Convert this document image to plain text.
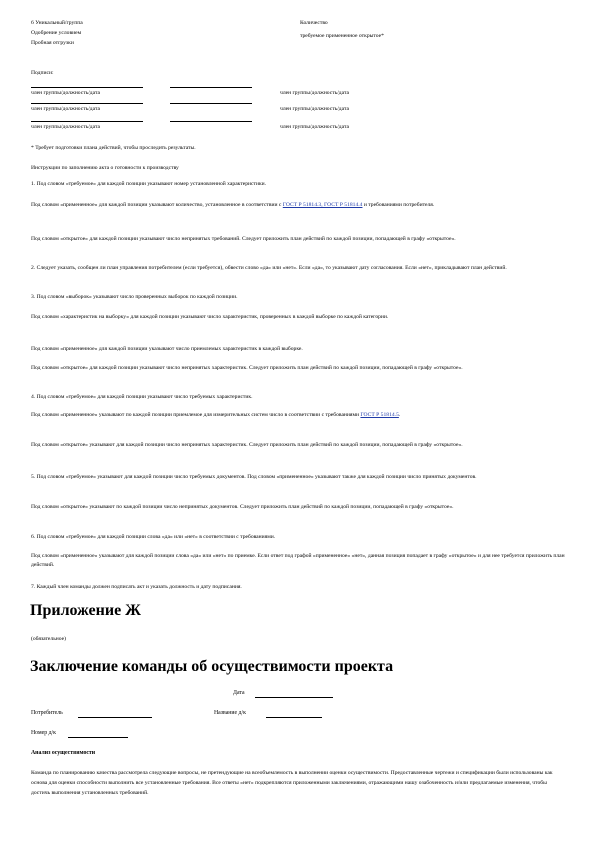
6 Уникальный/группа
Одобрение условием
Пробная отгрузки
Количество
требуемое примененное открытое*
Подписи:
член группы/должность/дата	член группы/должность/дата
член группы/должность/дата	член группы/должность/дата
член группы/должность/дата	член группы/должность/дата
* Требует подготовки плана действий, чтобы проследить результаты.
Инструкции по заполнению акта о готовности к производству
1. Под словом «требуемое» для каждой позиции указывают номер установленной характеристики.
Под словом «примененное» для каждой позиции указывают количество, установленное в соответствии с ГОСТ Р 51814.3, ГОСТ Р 51814.4 и требованиями потребителя.
Под словом «открытое» для каждой позиции указывают число непринятых требований. Следует приложить план действий по каждой позиции, попадающей в графу «открытое».
2. Следует указать, сообщен ли план управления потребителем (если требуется), обвести слово «да» или «нет». Если «да», то указывают дату согласования. Если «нет», прикладывают план действий.
3. Под словом «выборок» указывают число проверенных выборок по каждой позиции.
Под словом «характеристик на выборку» для каждой позиции указывают число характеристик, проверенных в каждой выборке по каждой категории.
Под словом «примененное» для каждой позиции указывают число приемлемых характеристик в каждой выборке.
Под словом «открытое» для каждой позиции указывают число непринятых характеристик. Следует приложить план действий по каждой позиции, попадающей в графу «открытое».
4. Под словом «требуемое» для каждой позиции указывают число требуемых характеристик.
Под словом «примененное» указывают по каждой позиции приемлемое для измерительных систем число в соответствии с требованиями ГОСТ Р 51814.5.
Под словом «открытое» указывают для каждой позиции число непринятых характеристик. Следует приложить план действий по каждой позиции, попадающей в графу «открытое».
5. Под словом «требуемое» указывают для каждой позиции число требуемых документов. Под словом «примененное» указывают также для каждой позиции число принятых документов.
Под словом «открытое» указывают по каждой позиции число непринятых документов. Следует приложить план действий по каждой позиции, попадающей в графу «открытое».
6. Под словом «требуемое» для каждой позиции слова «да» или «нет» в соответствии с требованиями.
Под словом «примененное» указывают для каждой позиции слова «да» или «нет» по приемке. Если ответ под графой «примененное» «нет», данная позиция попадает в графу «открытое» и для нее требуется приложить план действий.
7. Каждый член команды должен подписать акт и указать должность и дату подписания.
Приложение Ж
(обязательное)
Заключение команды об осуществимости проекта
Дата
Потребитель	Название д/к
Номер д/к
Анализ осуществимости
Команда по планированию качества рассмотрела следующие вопросы, не претендующие на всеобъемлемость в выполнении оценки осуществимости. Предоставленные чертежи и спецификации были использованы как основа для оценки способности выполнить все установленные требования. Все ответы «нет» подкрепляются приложенными заключениями, отражающими нашу озабоченность и/или предлагаемые изменения, чтобы достичь выполнения установленных требований.
